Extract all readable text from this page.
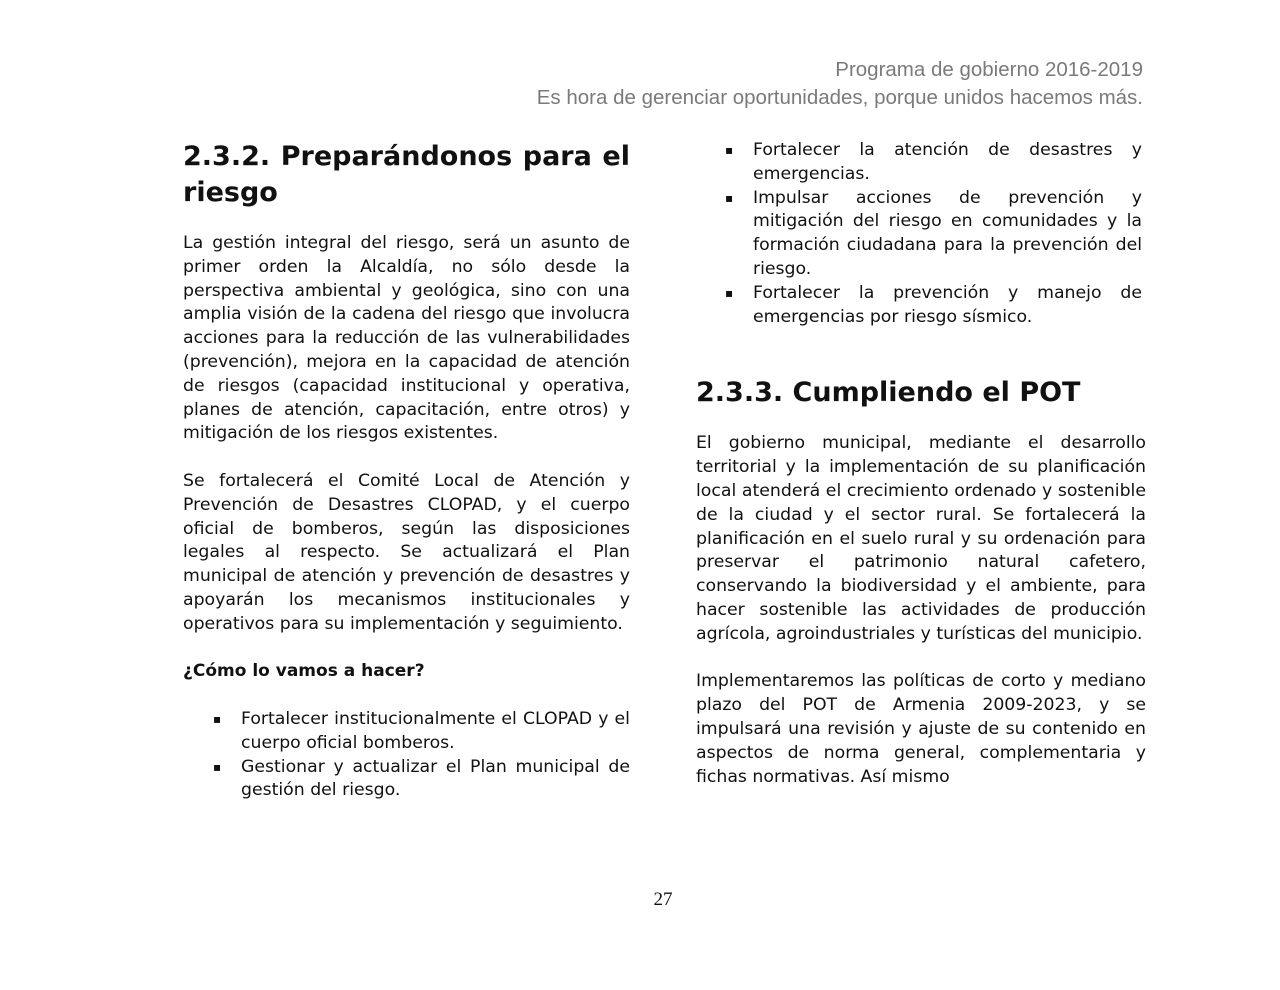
Programa de gobierno 2016-2019
Es hora de gerenciar oportunidades, porque unidos hacemos más.
2.3.2. Preparándonos para el riesgo

La gestión integral del riesgo, será un asunto de primer orden la Alcaldía, no sólo desde la perspectiva ambiental y geológica, sino con una amplia visión de la cadena del riesgo que involucra acciones para la reducción de las vulnerabilidades (prevención), mejora en la capacidad de atención de riesgos (capacidad institucional y operativa, planes de atención, capacitación, entre otros) y mitigación de los riesgos existentes.

Se fortalecerá el Comité Local de Atención y Prevención de Desastres CLOPAD, y el cuerpo oficial de bomberos, según las disposiciones legales al respecto. Se actualizará el Plan municipal de atención y prevención de desastres y apoyarán los mecanismos institucionales y operativos para su implementación y seguimiento.

¿Cómo lo vamos a hacer?

▪ Fortalecer institucionalmente el CLOPAD y el cuerpo oficial bomberos.
▪ Gestionar y actualizar el Plan municipal de gestión del riesgo.
▪ Fortalecer la atención de desastres y emergencias.
▪ Impulsar acciones de prevención y mitigación del riesgo en comunidades y la formación ciudadana para la prevención del riesgo.
▪ Fortalecer la prevención y manejo de emergencias por riesgo sísmico.
2.3.3. Cumpliendo el POT

El gobierno municipal, mediante el desarrollo territorial y la implementación de su planificación local atenderá el crecimiento ordenado y sostenible de la ciudad y el sector rural. Se fortalecerá la planificación en el suelo rural y su ordenación para preservar el patrimonio natural cafetero, conservando la biodiversidad y el ambiente, para hacer sostenible las actividades de producción agrícola, agroindustriales y turísticas del municipio.

Implementaremos las políticas de corto y mediano plazo del POT de Armenia 2009-2023, y se impulsará una revisión y ajuste de su contenido en aspectos de norma general, complementaria y fichas normativas. Así mismo

27
